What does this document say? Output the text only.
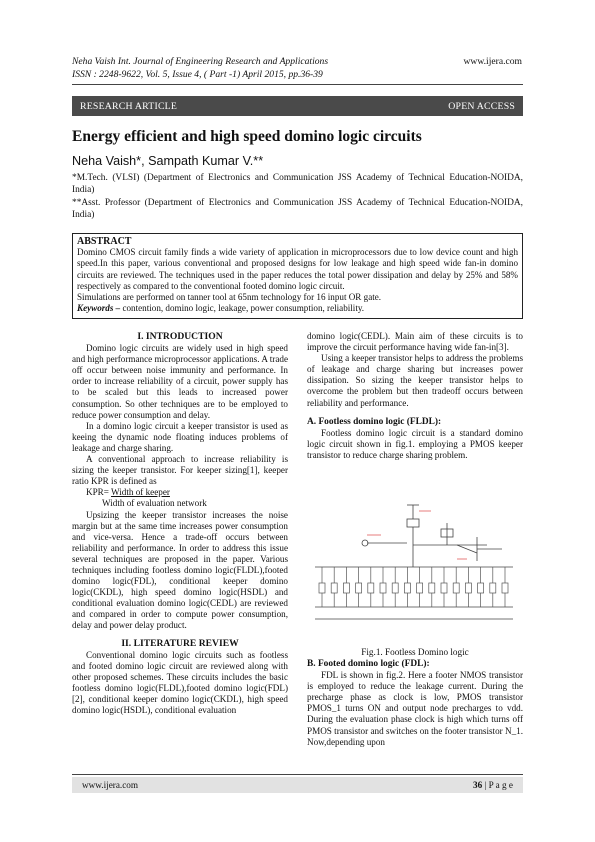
Neha Vaish Int. Journal of Engineering Research and Applications
ISSN : 2248-9622, Vol. 5, Issue 4, ( Part -1) April 2015, pp.36-39
www.ijera.com
RESEARCH ARTICLE	OPEN ACCESS
Energy efficient and high speed domino logic circuits
Neha Vaish*, Sampath Kumar V.**
*M.Tech. (VLSI) (Department of Electronics and Communication JSS Academy of Technical Education-NOIDA, India)
**Asst. Professor (Department of Electronics and Communication JSS Academy of Technical Education-NOIDA, India)
ABSTRACT

Domino CMOS circuit family finds a wide variety of application in microprocessors due to low device count and high speed.In this paper, various conventional and proposed designs for low leakage and high speed wide fan-in domino circuits are reviewed. The techniques used in the paper reduces the total power dissipation and delay by 25% and 58% respectively as compared to the conventional footed domino logic circuit.

Simulations are performed on tanner tool at 65nm technology for 16 input OR gate.

Keywords – contention, domino logic, leakage, power consumption, reliability.

I. INTRODUCTION

Domino logic circuits are widely used in high speed and high performance microprocessor applications. A trade off occur between noise immunity and performance. In order to increase reliability of a circuit, power supply has to be scaled but this leads to increased power consumption. So other techniques are to be employed to reduce power consumption and delay.

In a domino logic circuit a keeper transistor is used as keeing the dynamic node floating induces problems of leakage and charge sharing.

A conventional approach to increase reliability is sizing the keeper transistor. For keeper sizing[1], keeper ratio KPR is defined as

KPR= Width of keeper
Width of evaluation network

Upsizing the keeper transistor increases the noise margin but at the same time increases power consumption and vice-versa. Hence a trade-off occurs between reliability and performance. In order to address this issue several techniques are proposed in the paper. Various techniques including footless domino logic(FLDL),footed domino logic(FDL), conditional keeper domino logic(CKDL), high speed domino logic(HSDL) and conditional evaluation domino logic(CEDL) are reviewed and compared in order to compute power consumption, delay and power delay product.

II. LITERATURE REVIEW

Conventional domino logic circuits such as footless and footed domino logic circuit are reviewed along with other proposed schemes. These circuits includes the basic footless domino logic(FLDL),footed domino logic(FDL)[2], conditional keeper domino logic(CKDL), high speed domino logic(HSDL), conditional evaluation

domino logic(CEDL). Main aim of these circuits is to improve the circuit performance having wide fan-in[3].

Using a keeper transistor helps to address the problems of leakage and charge sharing but increases power dissipation. So sizing the keeper transistor helps to overcome the problem but then tradeoff occurs between reliability and performance.

A. Footless domino logic (FLDL):

Footless domino logic circuit is a standard domino logic circuit shown in fig.1. employing a PMOS keeper transistor to reduce charge sharing problem.

Fig.1. Footless Domino logic
B. Footed domino logic (FDL):

FDL is shown in fig.2. Here a footer NMOS transistor is employed to reduce the leakage current. During the precharge phase as clock is low, PMOS transistor PMOS_1 turns ON and output node precharges to vdd. During the evaluation phase clock is high which turns off PMOS transistor and switches on the footer transistor N_1. Now,depending upon

www.ijera.com	36 | P a g e
